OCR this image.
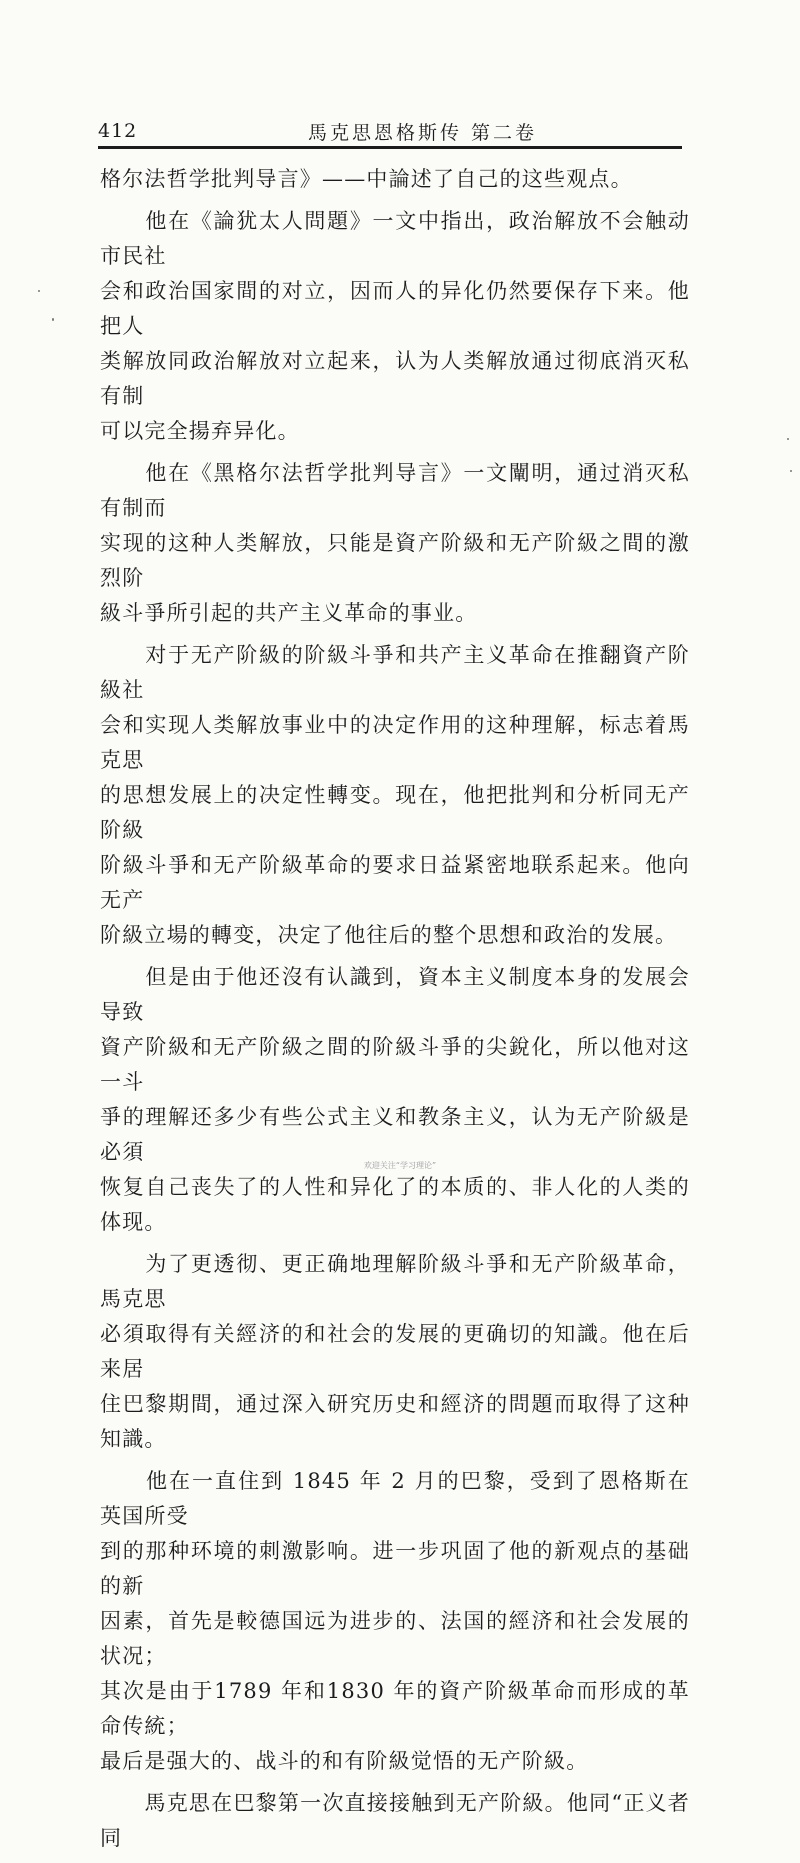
412	馬克思恩格斯传 第二卷

格尔法哲学批判导言》——中論述了自己的这些观点。

　　他在《論犹太人問題》一文中指出，政治解放不会触动市民社
会和政治国家間的对立，因而人的异化仍然要保存下来。他把人
类解放同政治解放对立起来，认为人类解放通过彻底消灭私有制
可以完全揚弃异化。

　　他在《黑格尔法哲学批判导言》一文闡明，通过消灭私有制而
实现的这种人类解放，只能是資产阶級和无产阶級之間的激烈阶
級斗爭所引起的共产主义革命的事业。

　　对于无产阶級的阶級斗爭和共产主义革命在推翻資产阶級社
会和实现人类解放事业中的决定作用的这种理解，标志着馬克思
的思想发展上的决定性轉变。现在，他把批判和分析同无产阶級
阶級斗爭和无产阶級革命的要求日益紧密地联系起来。他向无产
阶級立場的轉变，决定了他往后的整个思想和政治的发展。

　　但是由于他还沒有认識到，資本主义制度本身的发展会导致
資产阶級和无产阶級之間的阶級斗爭的尖銳化，所以他对这一斗
爭的理解还多少有些公式主义和教条主义，认为无产阶級是必須
恢复自己丧失了的人性和异化了的本质的、非人化的人类的体现。

　　为了更透彻、更正确地理解阶級斗爭和无产阶級革命，馬克思
必須取得有关經济的和社会的发展的更确切的知識。他在后来居
住巴黎期間，通过深入研究历史和經济的問題而取得了这种知識。

　　他在一直住到 1845 年 2 月的巴黎，受到了恩格斯在英国所受
到的那种环境的刺激影响。进一步巩固了他的新观点的基础的新
因素，首先是較德国远为进步的、法国的經济和社会发展的状况；
其次是由于1789 年和1830 年的資产阶級革命而形成的革命传統；
最后是强大的、战斗的和有阶級觉悟的无产阶級。

　　馬克思在巴黎第一次直接接触到无产阶級。他同“正义者同

欢迎关注“学习理论”
